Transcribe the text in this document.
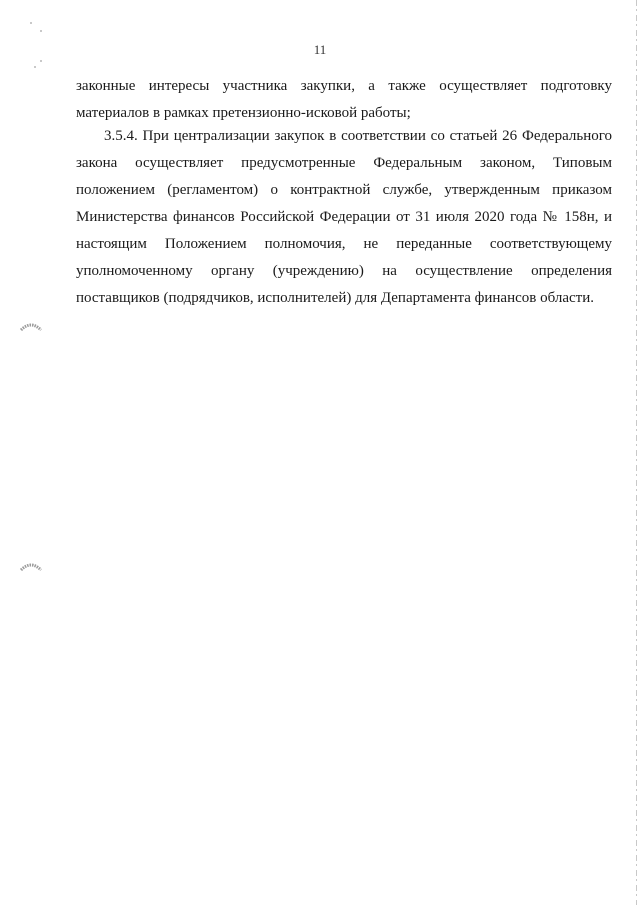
11
законные интересы участника закупки, а также осуществляет подготовку
материалов в рамках претензионно-исковой работы;
3.5.4. При централизации закупок в соответствии со статьей 26 Федерального
закона осуществляет предусмотренные Федеральным законом, Типовым
положением (регламентом) о контрактной службе, утвержденным приказом
Министерства финансов Российской Федерации от 31 июля 2020 года № 158н, и
настоящим Положением полномочия, не переданные соответствующему
уполномоченному органу (учреждению) на осуществление определения
поставщиков (подрядчиков, исполнителей) для Департамента финансов области.
